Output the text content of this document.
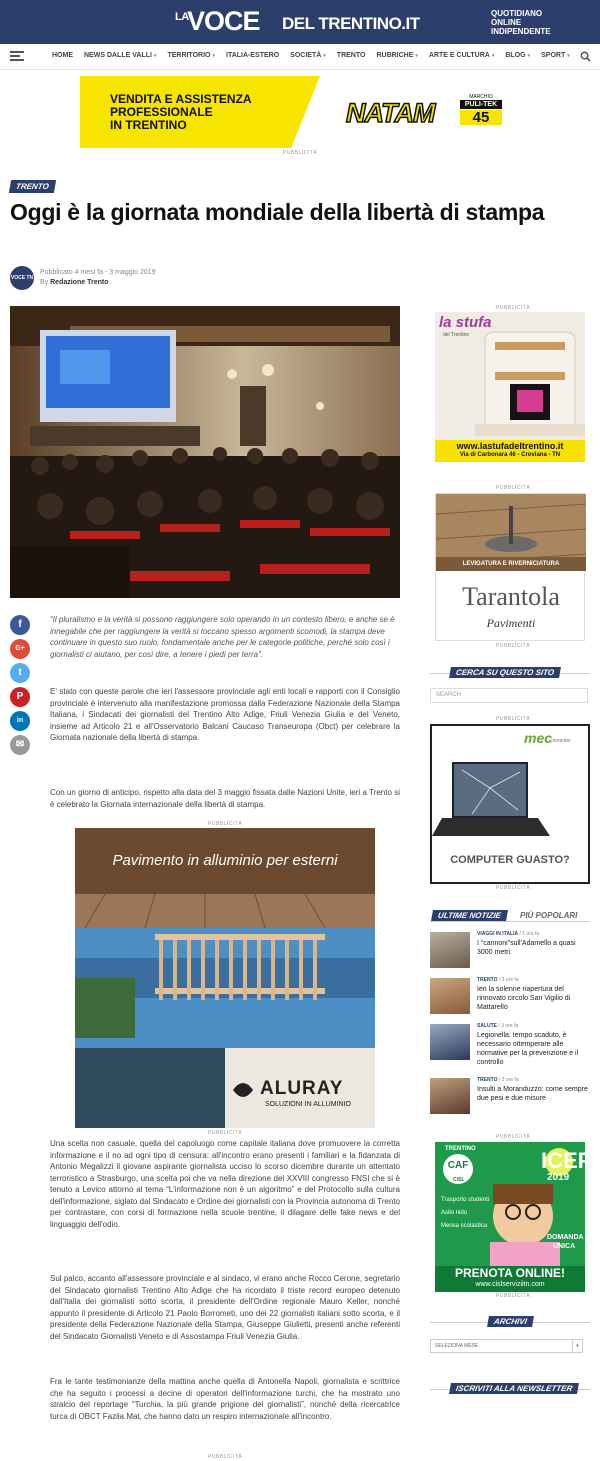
LA
VOCE DEL TRENTINO.IT
QUOTIDIANO
ONLINE
INDIPENDENTE
HOME NEWS DALLE VALLI ▾ TERRITORIO ▾ ITALIA-ESTERO SOCIETÀ ▾ TRENTO RUBRICHE ▾ ARTE E CULTURA ▾ BLOG ▾ SPORT ▾
VENDITA E ASSISTENZA
PROFESSIONALE
IN TRENTINO	NATAM
MARCHIO
PULI-TEK
45
PUBBLICITÀ
TRENTO
Oggi è la giornata mondiale della libertà di stampa
VOCE TN
Pubblicato 4 mesi fa - 3 maggio 2019
By Redazione Trento
f
G+
t
P
in
✉

“Il pluralismo e la verità si possono raggiungere solo operando in un contesto libero, e anche se è innegabile che per raggiungere la verità si toccano spesso argomenti scomodi, la stampa deve continuare in questo suo ruolo, fondamentale anche per le categorie politiche, perché solo così i giornalisti ci aiutano, per così dire, a tenere i piedi per terra”.

E' stato con queste parole che ieri l'assessore provinciale agli enti locali e rapporti con il Consiglio provinciale è intervenuto alla manifestazione promossa dalla Federazione Nazionale della Stampa Italiana, i Sindacati dei giornalisti del Trentino Alto Adige, Friuli Venezia Giulia e del Veneto, insieme ad Articolo 21 e all'Osservatorio Balcani Caucaso Transeuropa (Obct) per celebrare la Giornata nazionale della libertà di stampa.

Con un giorno di anticipo, rispetto alla data del 3 maggio fissata dalle Nazioni Unite, ieri a Trento si è celebrato la Giornata internazionale della libertà di stampa.

PUBBLICITÀ
Pavimento in alluminio per esterni
ALURAY
SOLUZIONI IN ALLUMINIO
PUBBLICITÀ

Una scelta non casuale, quella del capoluogo come capitale italiana dove promuovere la corretta informazione e il no ad ogni tipo di censura: all'incontro erano presenti i familiari e la fidanzata di Antonio Megalizzi il giovane aspirante giornalista ucciso lo scorso dicembre durante un attentato terroristico a Strasburgo, una scelta poi che va nella direzione del XXVIII congresso FNSI che si è tenuto a Levico attorno al tema “L'informazione non è un algoritmo” e del Protocollo sulla cultura dell'informazione, siglato dal Sindacato e Ordine dei giornalisti con la Provincia autonoma di Trento per contrastare, con corsi di formazione nella scuole trentine, il dilagare delle fake news e del linguaggio dell'odio.

Sul palco, accanto all'assessore provinciale e al sindaco, vi erano anche Rocco Cerone, segretario del Sindacato giornalisti Trentino Alto Adige che ha ricordato il triste record europeo detenuto dall'Italia dei giornalisti sotto scorta, il presidente dell'Ordine regionale Mauro Keller, nonché appunto il presidente di Articolo 21 Paolo Borrometi, uno dei 22 giornalisti italiani sotto scorta, e il presidente della Federazione Nazionale della Stampa, Giuseppe Giulietti, presenti anche referenti del Sindacato Giornalisti Veneto e di Assostampa Friuli Venezia Giulia.

Fra le tante testimonianze della mattina anche quella di Antonella Napoli, giornalista e scrittrice che ha seguito i processi a decine di operatori dell'informazione turchi, che ha mostrato uno stralcio del reportage “Turchia, la più grande prigione dei giornalisti”, nonché della ricercatrice turca di OBCT Fazila Mat, che hanno dato un respiro internazionale all'incontro.

PUBBLICITÀ
PUBBLICITÀ
la stufa
del Trentino
www.lastufadeltrentino.it
Via di Carbonara 46 - Croviana - TN
PUBBLICITÀ
LEVIGATURA E RIVERNICIATURA
Tarantola
Pavimenti
PUBBLICITÀ
CERCA SU QUESTO SITO
SEARCH
PUBBLICITÀ
mec
computer
COMPUTER GUASTO?
PUBBLICITÀ
ULTIME NOTIZIE	PIÙ POPOLARI
VIAGGI IN ITALIA / 1 ora fa
I “cannoni”sull'Adamello a quasi 3000 metri.
TRENTO / 3 ore fa
Ieri la solenne riapertura del rinnovato circolo San Vigilio di Mattarello
SALUTE / 3 ore fa
Legionella: tempo scaduto, è necessario ottemperare alle normative per la prevenzione e il controllo
TRENTO / 3 ore fa
Insulti a Moranduzzo: come sempre due pesi e due misure
PUBBLICITÀ
TRENTINO
CAF
CISL
ICEF
2019
Trasporto studenti
Asilo nido
Mensa scolastica
DOMANDA
UNICA
PRENOTA ONLINE!
www.cislserviziitn.com
PUBBLICITÀ
ARCHIVI
SELEZIONA MESE	▾
ISCRIVITI ALLA NEWSLETTER
